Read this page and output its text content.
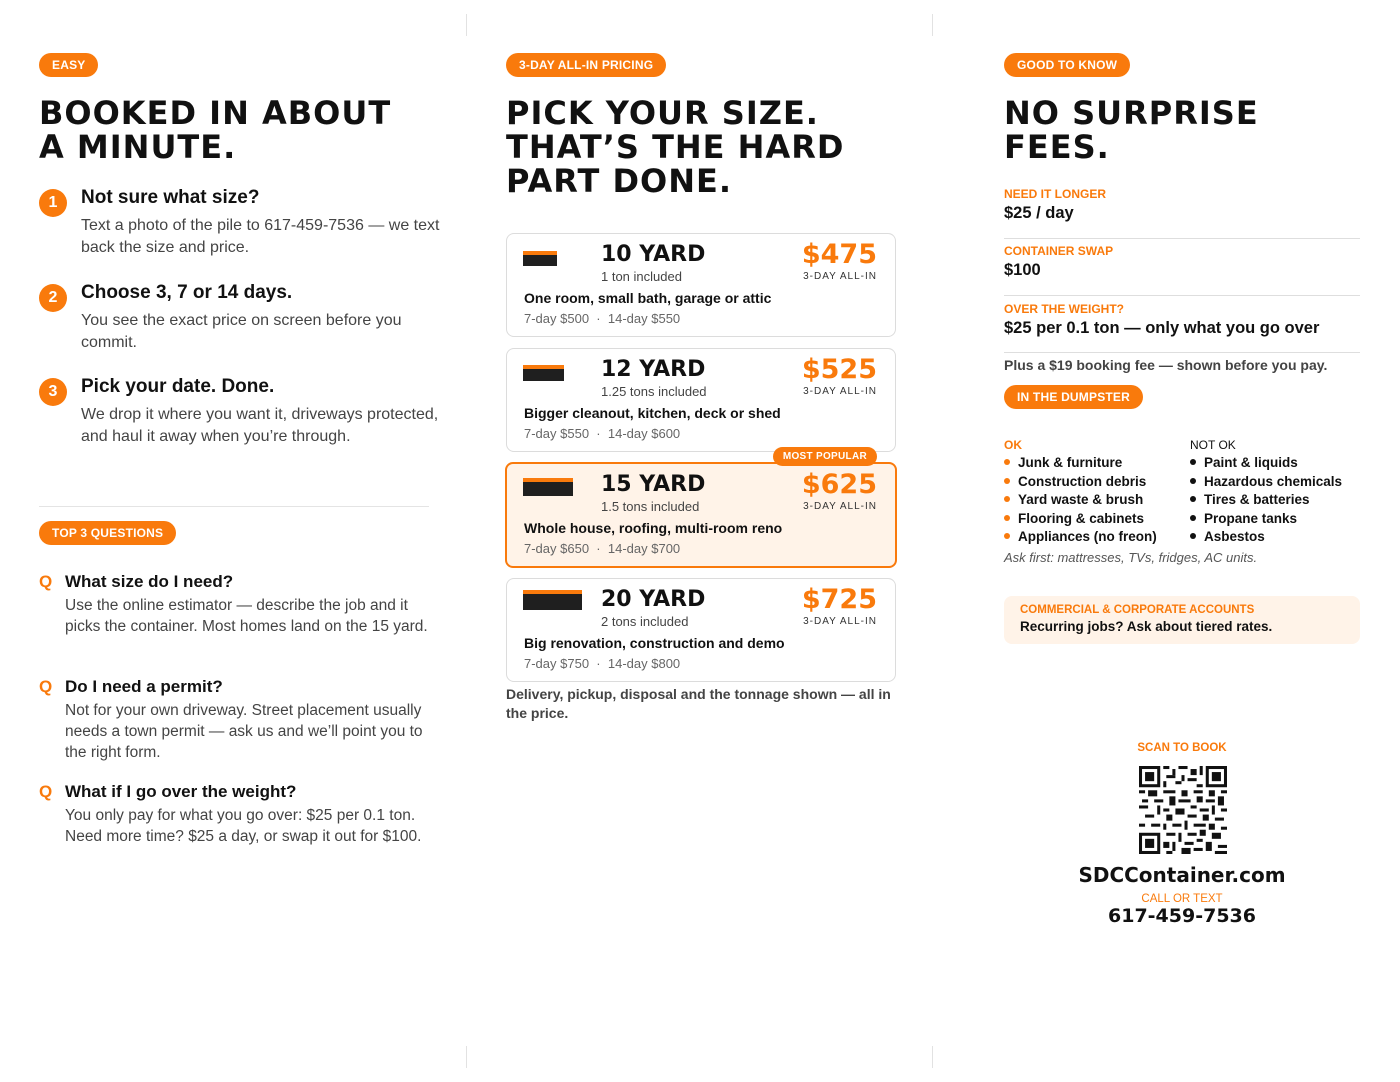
EASY

BOOKED IN ABOUT

A MINUTE.

1	Not sure what size?
Text a photo of the pile to 617-459-7536 — we text back the size and price.
2	Choose 3, 7 or 14 days.
You see the exact price on screen before you commit.
3	Pick your date. Done.
We drop it where you want it, driveways protected, and haul it away when you’re through.
TOP 3 QUESTIONS
Q What size do I need?
Use the online estimator — describe the job and it picks the container. Most homes land on the 15 yard.
Q Do I need a permit?
Not for your own driveway. Street placement usually needs a town permit — ask us and we’ll point you to the right form.
Q What if I go over the weight?
You only pay for what you go over: $25 per 0.1 ton. Need more time? $25 a day, or swap it out for $100.
3-DAY ALL-IN PRICING

PICK YOUR SIZE.

THAT’S THE HARD

PART DONE.

10 YARD
1 ton included
$475
3-DAY ALL-IN
One room, small bath, garage or attic
7-day $500 · 14-day $550
12 YARD
1.25 tons included
$525
3-DAY ALL-IN
Bigger cleanout, kitchen, deck or shed
7-day $550 · 14-day $600
MOST POPULAR
15 YARD
1.5 tons included
$625
3-DAY ALL-IN
Whole house, roofing, multi-room reno
7-day $650 · 14-day $700
20 YARD
2 tons included
$725
3-DAY ALL-IN
Big renovation, construction and demo
7-day $750 · 14-day $800
Delivery, pickup, disposal and the tonnage shown — all in the price.
GOOD TO KNOW

NO SURPRISE

FEES.

NEED IT LONGER
$25 / day
CONTAINER SWAP
$100
OVER THE WEIGHT?
$25 per 0.1 ton — only what you go over
Plus a $19 booking fee — shown before you pay.
IN THE DUMPSTER
OK	NOT OK
Junk & furniture
Construction debris
Yard waste & brush
Flooring & cabinets
Appliances (no freon)
Paint & liquids
Hazardous chemicals
Tires & batteries
Propane tanks
Asbestos
Ask first: mattresses, TVs, fridges, AC units.
COMMERCIAL & CORPORATE ACCOUNTS
Recurring jobs? Ask about tiered rates.
SCAN TO BOOK
SDCContainer.com
CALL OR TEXT
617-459-7536
